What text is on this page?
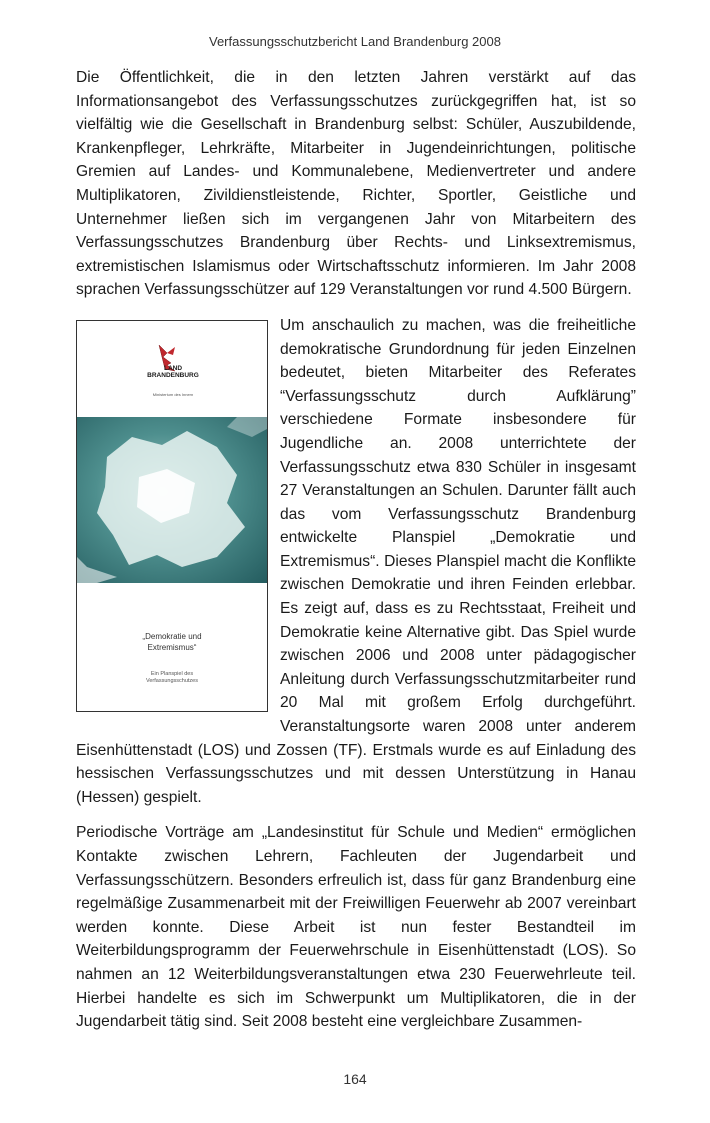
Verfassungsschutzbericht Land Brandenburg 2008

Die Öffentlichkeit, die in den letzten Jahren verstärkt auf das Informationsangebot des Verfassungsschutzes zurückgegriffen hat, ist so vielfältig wie die Gesellschaft in Brandenburg selbst: Schüler, Auszubildende, Krankenpfleger, Lehrkräfte, Mitarbeiter in Jugendeinrichtungen, politische Gremien auf Landes- und Kommunalebene, Medienvertreter und andere Multiplikatoren, Zivildienstleistende, Richter, Sportler, Geistliche und Unternehmer ließen sich im vergangenen Jahr von Mitarbeitern des Verfassungsschutzes Brandenburg über Rechts- und Linksextremismus, extremistischen Islamismus oder Wirtschaftsschutz informieren. Im Jahr 2008 sprachen Verfassungsschützer auf 129 Veranstaltungen vor rund 4.500 Bürgern.

LAND
BRANDENBURG
Ministerium des Innern
„Demokratie und
Extremismus“
Ein Planspiel des
Verfassungsschutzes

Um anschaulich zu machen, was die freiheitliche demokratische Grundordnung für jeden Einzelnen bedeutet, bieten Mitarbeiter des Referates “Verfassungsschutz durch Aufklärung” verschiedene Formate insbesondere für Jugendliche an. 2008 unterrichtete der Verfassungsschutz etwa 830 Schüler in insgesamt 27 Veranstaltungen an Schulen. Darunter fällt auch das vom Verfassungsschutz Brandenburg entwickelte Planspiel „Demokratie und Extremismus“. Dieses Planspiel macht die Konflikte zwischen Demokratie und ihren Feinden erlebbar. Es zeigt auf, dass es zu Rechtsstaat, Freiheit und Demokratie keine Alternative gibt. Das Spiel wurde zwischen 2006 und 2008 unter pädagogischer Anleitung durch Verfassungsschutzmitarbeiter rund 20 Mal mit großem Erfolg durchgeführt. Veranstaltungsorte waren 2008 unter anderem Eisenhüttenstadt (LOS) und Zossen (TF). Erstmals wurde es auf Einladung des hessischen Verfassungsschutzes und mit dessen Unterstützung in Hanau (Hessen) gespielt.

Periodische Vorträge am „Landesinstitut für Schule und Medien“ ermöglichen Kontakte zwischen Lehrern, Fachleuten der Jugendarbeit und Verfassungsschützern. Besonders erfreulich ist, dass für ganz Brandenburg eine regelmäßige Zusammenarbeit mit der Freiwilligen Feuerwehr ab 2007 vereinbart werden konnte. Diese Arbeit ist nun fester Bestandteil im Weiterbildungsprogramm der Feuerwehrschule in Eisenhüttenstadt (LOS). So nahmen an 12 Weiterbildungsveranstaltungen etwa 230 Feuerwehrleute teil. Hierbei handelte es sich im Schwerpunkt um Multiplikatoren, die in der Jugendarbeit tätig sind. Seit 2008 besteht eine vergleichbare Zusammen-

164
